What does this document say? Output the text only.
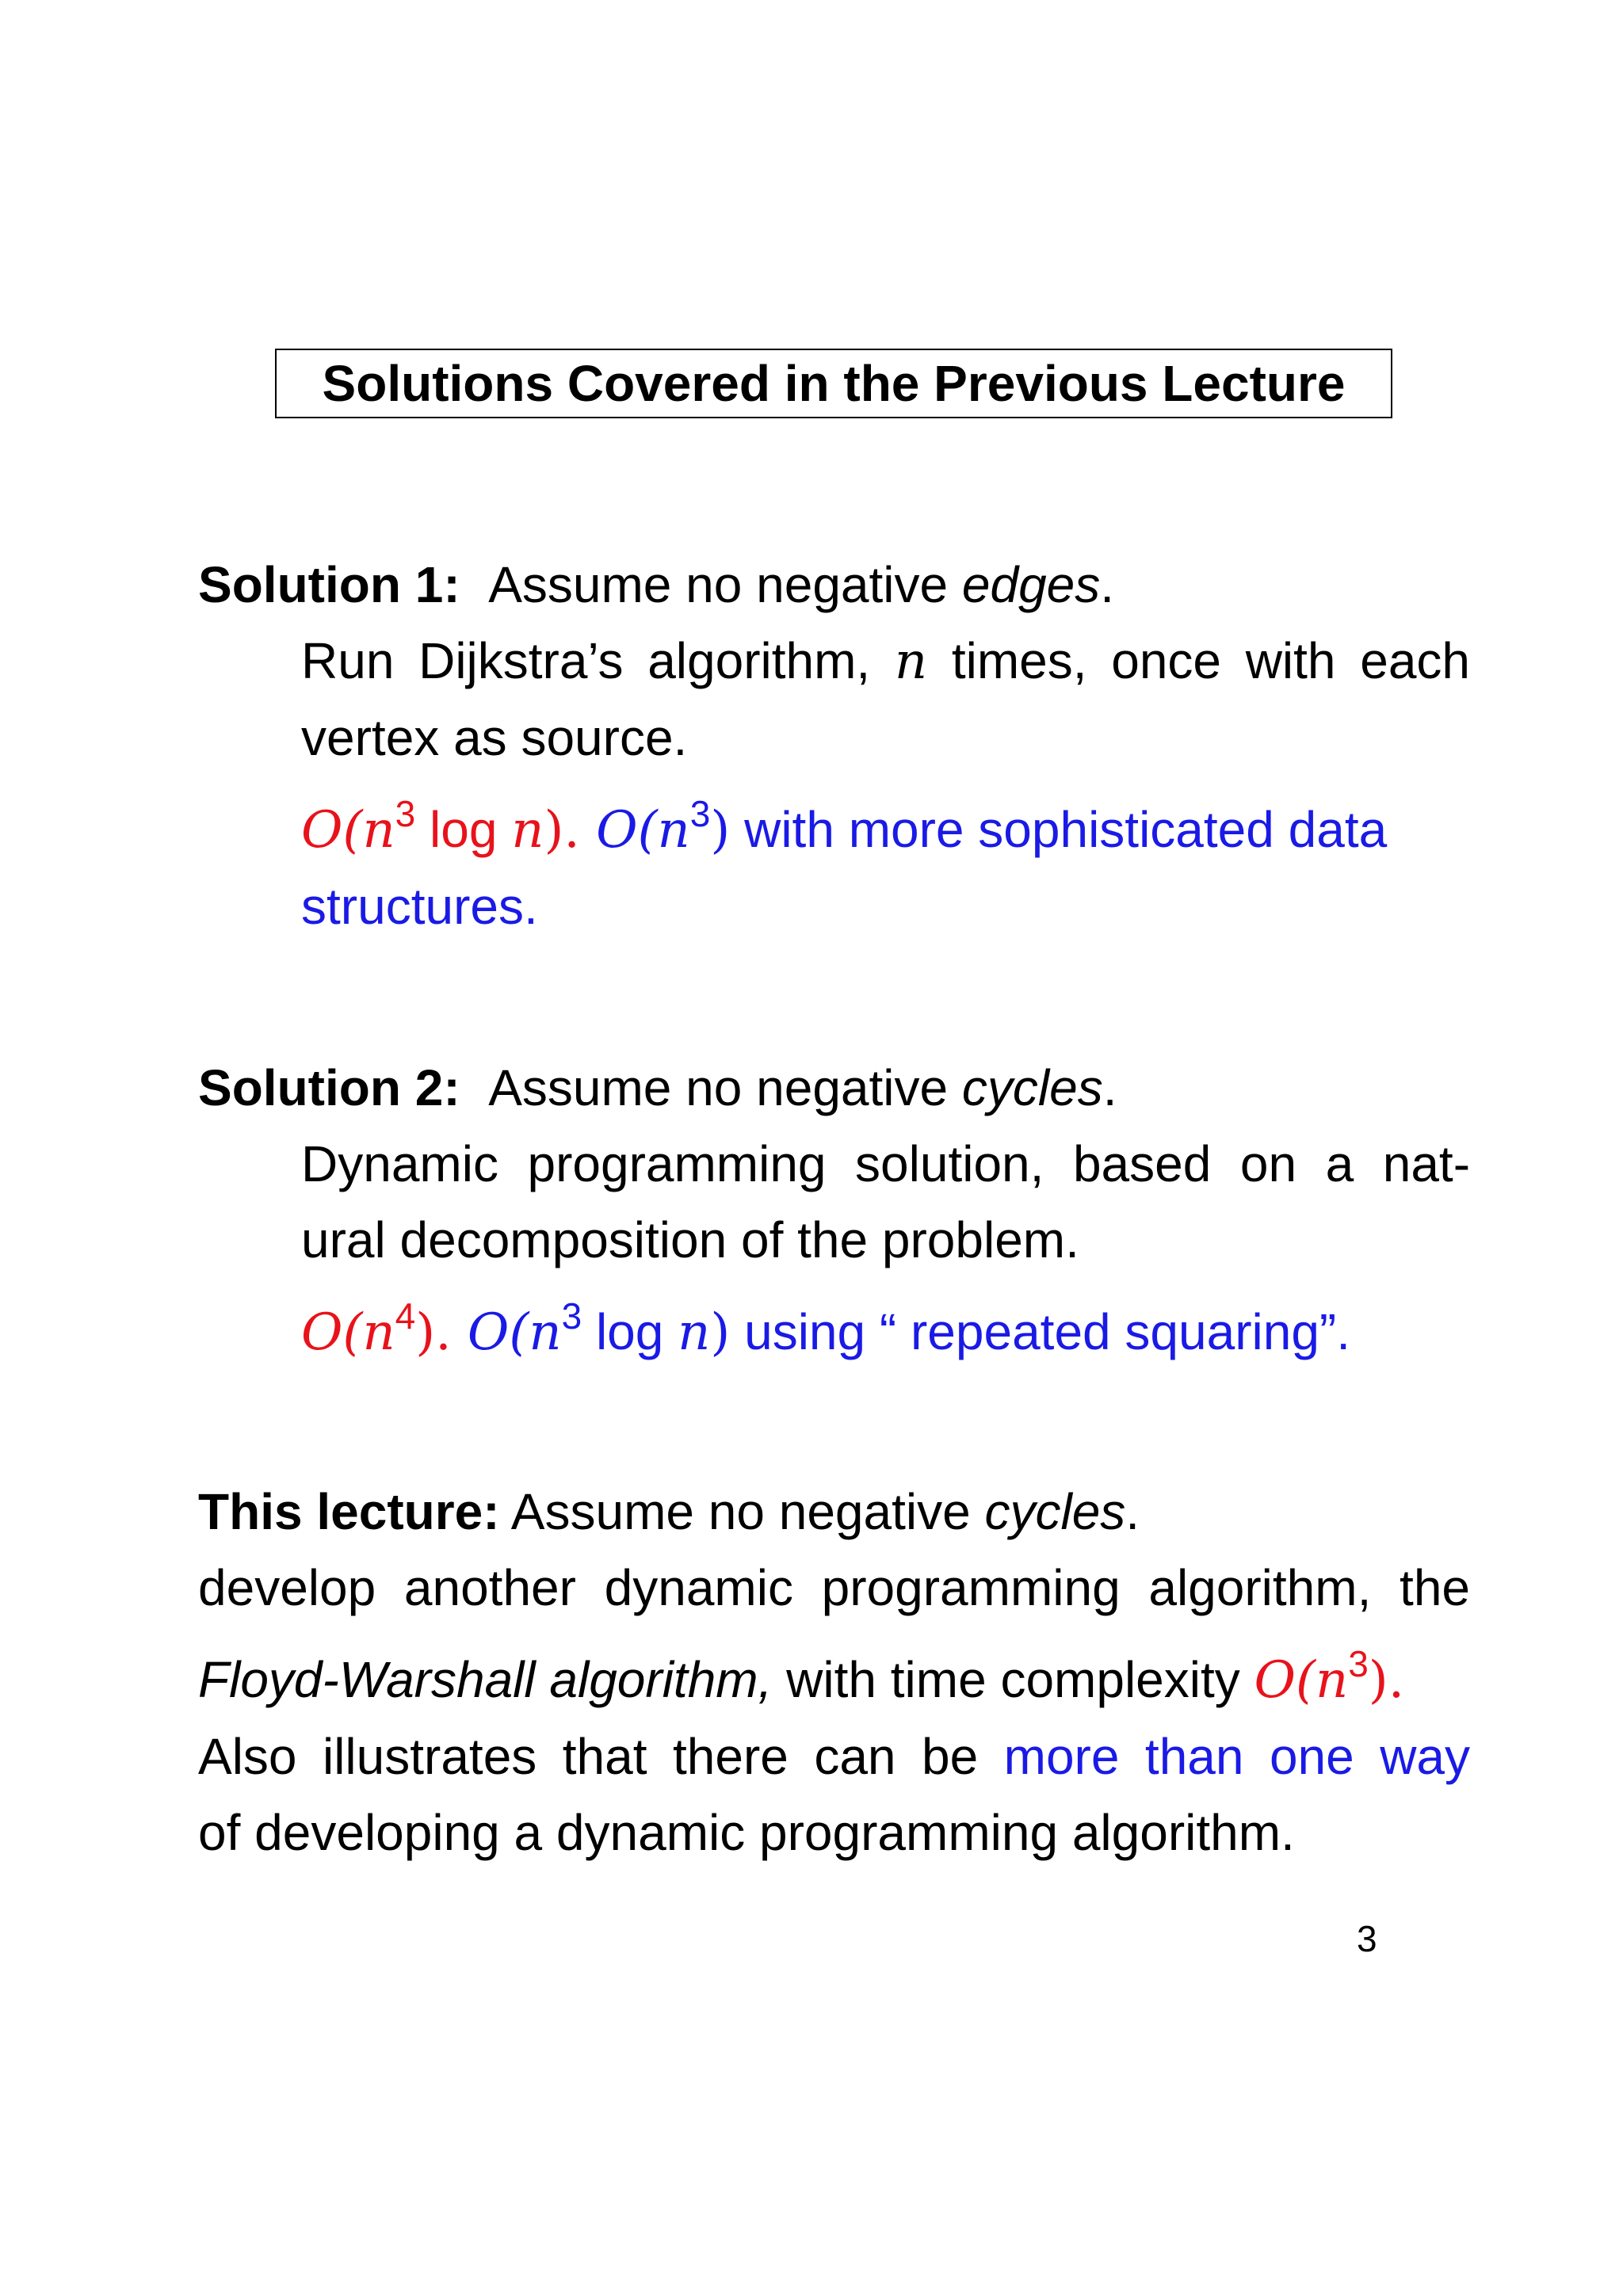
Solutions Covered in the Previous Lecture
Solution 1: Assume no negative edges.
Run Dijkstra’s algorithm, n times, once with each
vertex as source.
$O(n^3$ log n). $O(n^3)$ with more sophisticated data
structures.
Solution 2: Assume no negative cycles.
Dynamic programming solution, based on a nat-
ural decomposition of the problem.
$O(n^4)$. $O(n^3$ log n) using “ repeated squaring”.
This lecture: Assume no negative cycles.
develop another dynamic programming algorithm, the
Floyd-Warshall algorithm, with time complexity $O(n^3)$.
Also illustrates that there can be more than one way
of developing a dynamic programming algorithm.
3
